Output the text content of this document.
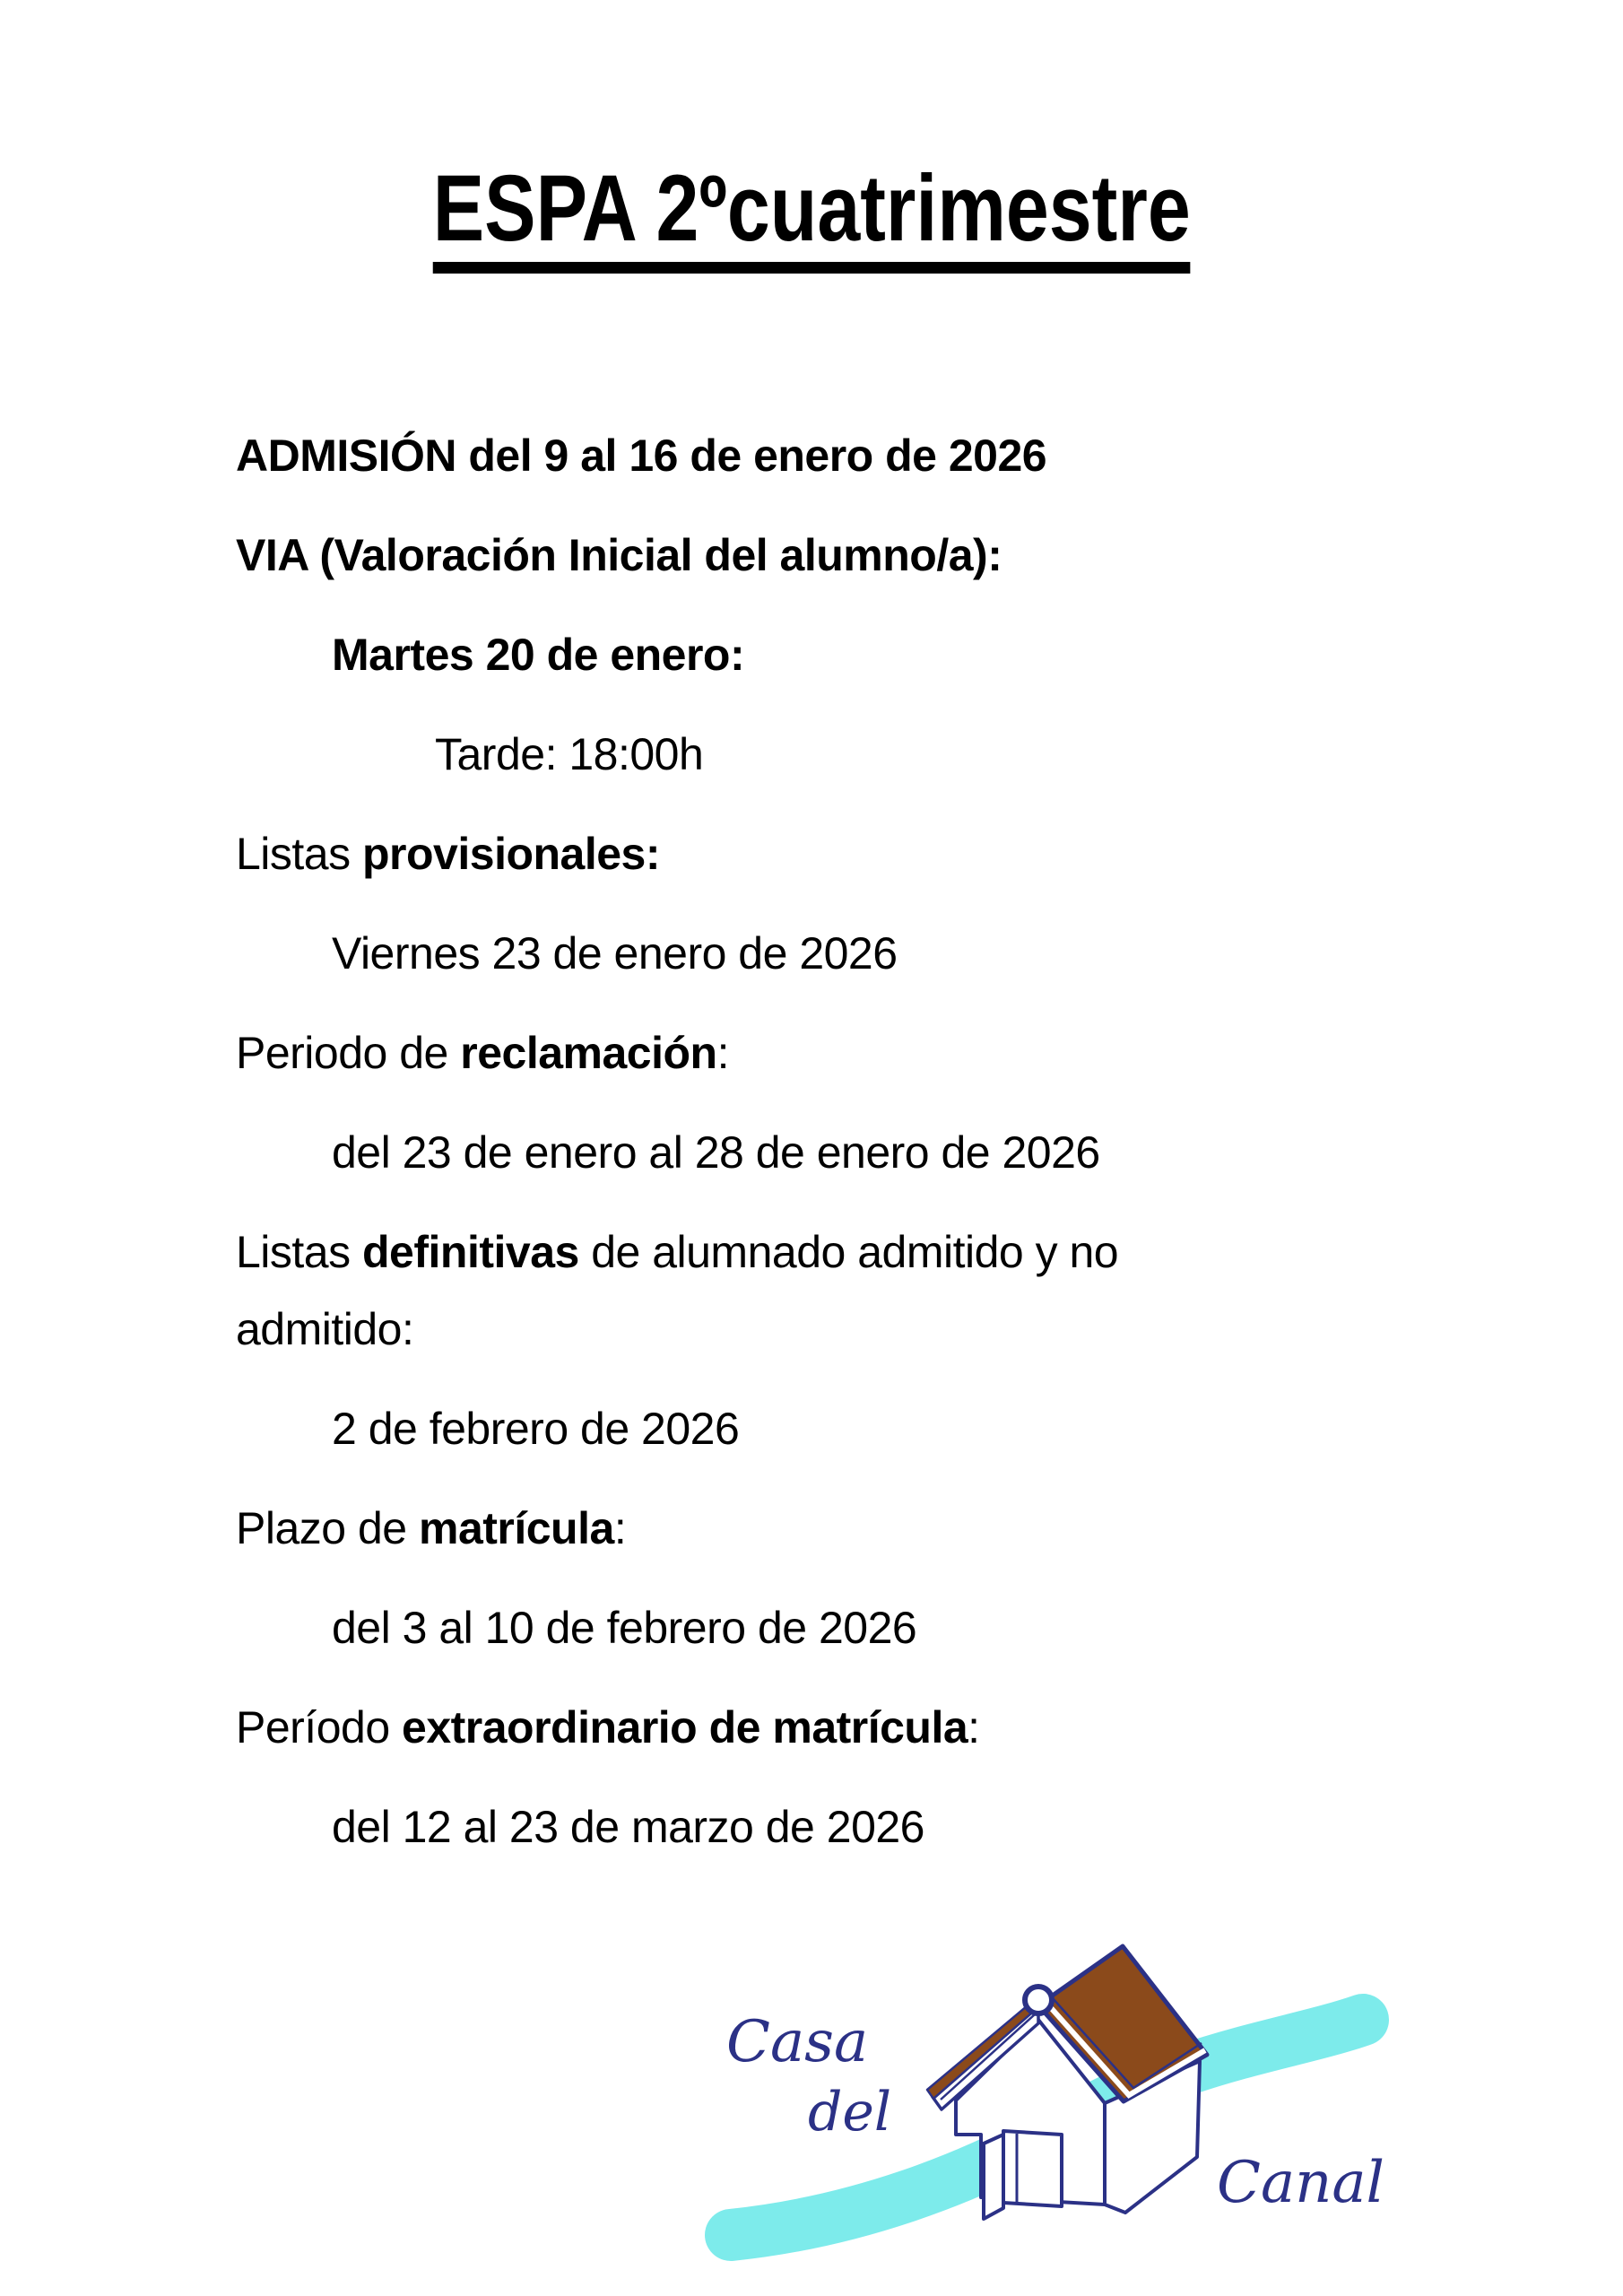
ESPA 2ºcuatrimestre

ADMISIÓN del 9 al 16 de enero de 2026

VIA (Valoración Inicial del alumno/a):

Martes 20 de enero:

Tarde: 18:00h

Listas provisionales:

Viernes 23 de enero de 2026

Periodo de reclamación:

del 23 de enero al 28 de enero de 2026

Listas definitivas de alumnado admitido y no
admitido:

2 de febrero de 2026

Plazo de matrícula:

del 3 al 10 de febrero de 2026

Período extraordinario de matrícula:

del 12 al 23 de marzo de 2026

Casa
del
Canal
